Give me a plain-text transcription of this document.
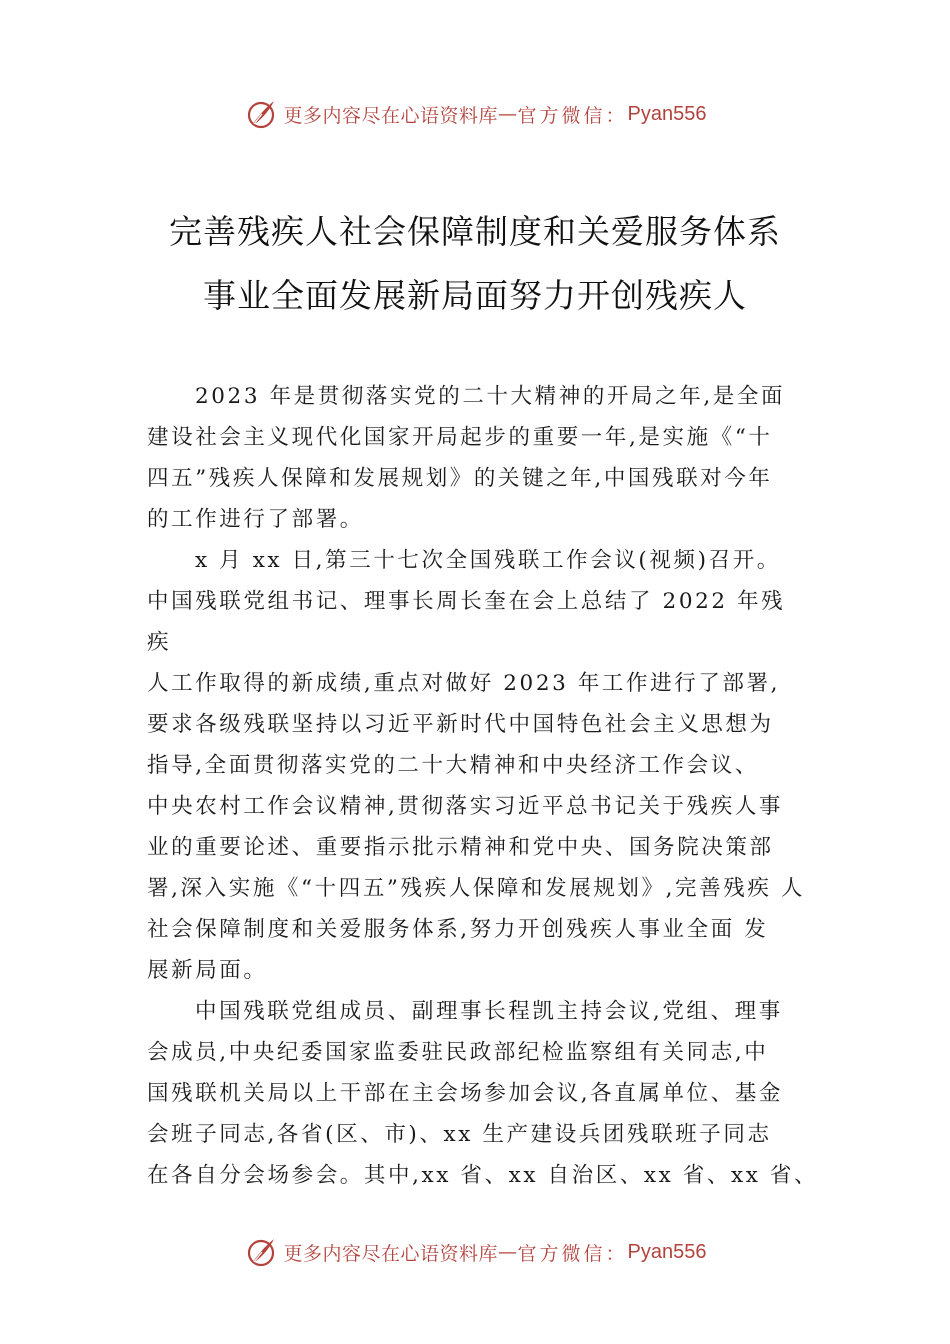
更多内容尽在心语资料库 — 官方微信： Pyan556
完善残疾人社会保障制度和关爱服务体系
事业全面发展新局面努力开创残疾人
2023 年是贯彻落实党的二十大精神的开局之年,是全面
建设社会主义现代化国家开局起步的重要一年,是实施《“十
四五”残疾人保障和发展规划》的关键之年,中国残联对今年
的工作进行了部署。
x 月 xx 日,第三十七次全国残联工作会议(视频)召开。
中国残联党组书记、理事长周长奎在会上总结了 2022 年残
疾
人工作取得的新成绩,重点对做好 2023 年工作进行了部署,
要求各级残联坚持以习近平新时代中国特色社会主义思想为
指导,全面贯彻落实党的二十大精神和中央经济工作会议、
中央农村工作会议精神,贯彻落实习近平总书记关于残疾人事
业的重要论述、重要指示批示精神和党中央、国务院决策部
署,深入实施《“十四五”残疾人保障和发展规划》,完善残疾 人
社会保障制度和关爱服务体系,努力开创残疾人事业全面 发
展新局面。
中国残联党组成员、副理事长程凯主持会议,党组、理事
会成员,中央纪委国家监委驻民政部纪检监察组有关同志,中
国残联机关局以上干部在主会场参加会议,各直属单位、基金
会班子同志,各省(区、市)、xx 生产建设兵团残联班子同志
在各自分会场参会。其中,xx 省、xx 自治区、xx 省、xx 省、
更多内容尽在心语资料库 — 官方微信： Pyan556
